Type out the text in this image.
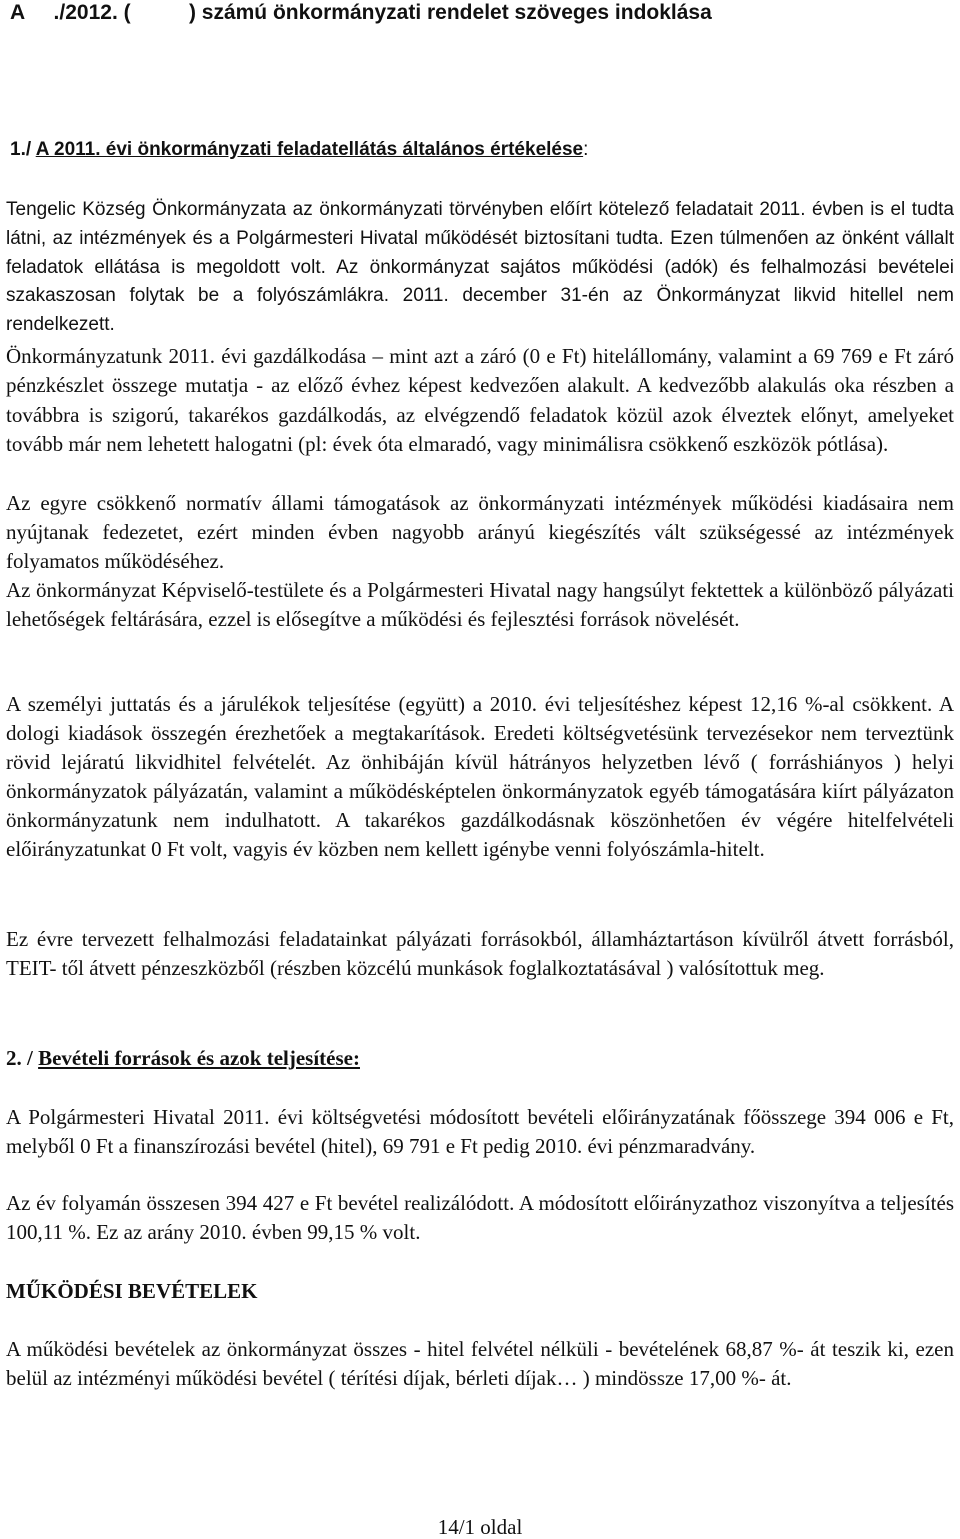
A     ./2012. (          ) számú önkormányzati rendelet szöveges indoklása
1./ A 2011. évi önkormányzati feladatellátás általános értékelése:

Tengelic Község Önkormányzata az önkormányzati törvényben előírt kötelező feladatait 2011. évben is el tudta látni, az intézmények és a Polgármesteri Hivatal működését biztosítani tudta. Ezen túlmenően az önként vállalt feladatok ellátása is megoldott volt. Az önkormányzat sajátos működési (adók) és felhalmozási bevételei szakaszosan folytak be a folyószámlákra. 2011. december 31-én az Önkormányzat likvid hitellel nem rendelkezett.

Önkormányzatunk 2011. évi gazdálkodása – mint azt a záró (0 e Ft) hitelállomány, valamint a 69 769 e Ft záró pénzkészlet összege mutatja - az előző évhez képest kedvezően alakult. A kedvezőbb alakulás oka részben a továbbra is szigorú, takarékos gazdálkodás, az elvégzendő feladatok közül azok élveztek előnyt, amelyeket tovább már nem lehetett halogatni (pl: évek óta elmaradó, vagy minimálisra csökkenő eszközök pótlása).

Az egyre csökkenő normatív állami támogatások az önkormányzati intézmények működési kiadásaira nem nyújtanak fedezetet, ezért minden évben nagyobb arányú kiegészítés vált szükségessé az intézmények folyamatos működéséhez.

Az önkormányzat Képviselő-testülete és a Polgármesteri Hivatal nagy hangsúlyt fektettek a különböző pályázati lehetőségek feltárására, ezzel is elősegítve a működési és fejlesztési források növelését.

A személyi juttatás és a járulékok teljesítése (együtt) a 2010. évi teljesítéshez képest 12,16 %-al csökkent. A dologi kiadások összegén érezhetőek a megtakarítások. Eredeti költségvetésünk tervezésekor nem terveztünk rövid lejáratú likvidhitel felvételét. Az önhibáján kívül hátrányos helyzetben lévő ( forráshiányos ) helyi önkormányzatok pályázatán, valamint a működésképtelen önkormányzatok egyéb támogatására kiírt pályázaton önkormányzatunk nem indulhatott. A takarékos gazdálkodásnak köszönhetően év végére hitelfelvételi előirányzatunkat 0 Ft volt, vagyis év közben nem kellett igénybe venni folyószámla-hitelt.

Ez évre tervezett felhalmozási feladatainkat pályázati forrásokból, államháztartáson kívülről átvett forrásból, TEIT- től átvett pénzeszközből (részben közcélú munkások foglalkoztatásával ) valósítottuk meg.

2. / Bevételi források és azok teljesítése:

A Polgármesteri Hivatal 2011. évi költségvetési módosított bevételi előirányzatának főösszege 394 006 e Ft, melyből 0 Ft a finanszírozási bevétel (hitel), 69 791 e Ft pedig 2010. évi pénzmaradvány.

Az év folyamán összesen 394 427 e Ft bevétel realizálódott. A módosított előirányzathoz viszonyítva a teljesítés 100,11 %. Ez az arány 2010. évben 99,15 % volt.

MŰKÖDÉSI BEVÉTELEK

A működési bevételek az önkormányzat összes - hitel felvétel nélküli - bevételének 68,87 %- át teszik ki, ezen belül az intézményi működési bevétel ( térítési díjak, bérleti díjak… ) mindössze 17,00 %- át.

14/1 oldal
